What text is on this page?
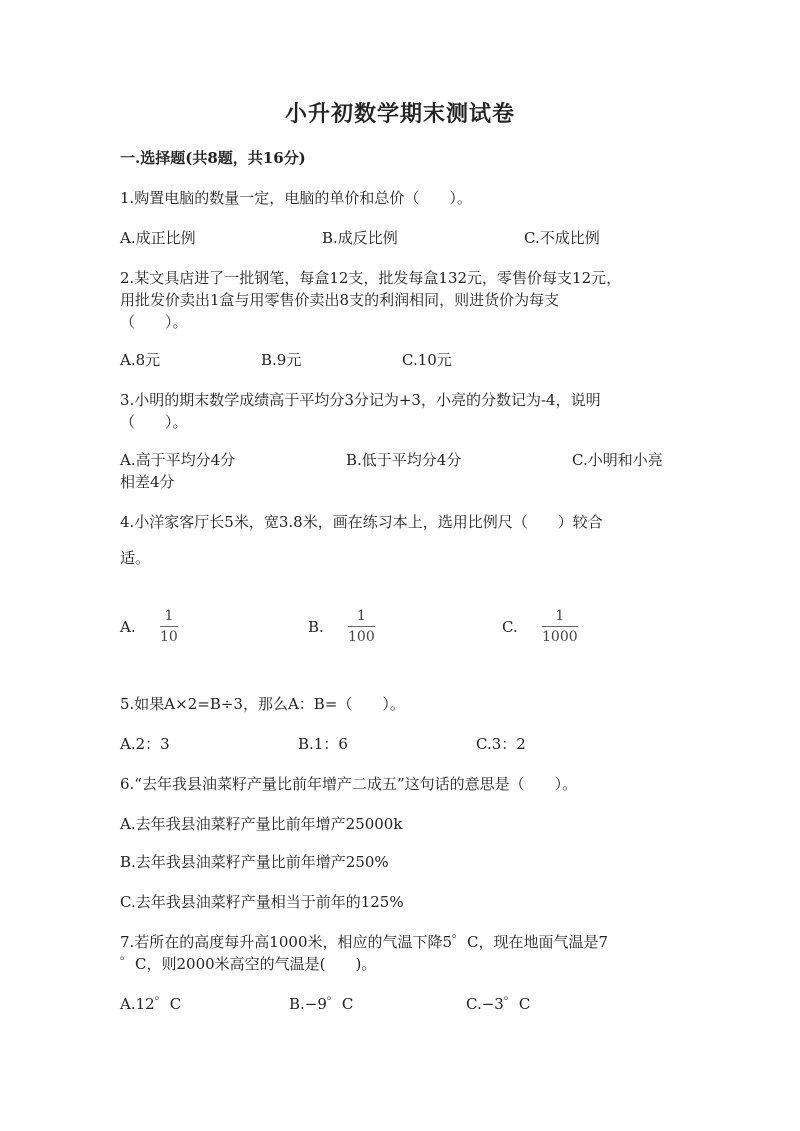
小升初数学期末测试卷
一.选择题(共8题，共16分)
1.购置电脑的数量一定，电脑的单价和总价（　　）。
A.成正比例	B.成反比例	C.不成比例
2.某文具店进了一批钢笔，每盒12支，批发每盒132元，零售价每支12元，
用批发价卖出1盒与用零售价卖出8支的利润相同，则进货价为每支
（　　）。
A.8元	B.9元	C.10元
3.小明的期末数学成绩高于平均分3分记为+3，小亮的分数记为-4，说明
（　　）。
A.高于平均分4分	B.低于平均分4分	C.小明和小亮
相差4分
4.小洋家客厅长5米，宽3.8米，画在练习本上，选用比例尺（　　）较合
适。
A.
1
10
B.
1
100
C.
1
1000
5.如果A×2=B÷3，那么A：B=（　　）。
A.2：3	B.1：6	C.3：2
6.“去年我县油菜籽产量比前年增产二成五”这句话的意思是（　　）。
A.去年我县油菜籽产量比前年增产25000k
B.去年我县油菜籽产量比前年增产250%
C.去年我县油菜籽产量相当于前年的125%
7.若所在的高度每升高1000米，相应的气温下降5゜C，现在地面气温是7
゜C，则2000米高空的气温是(　　)。
A.12゜C	B.−9゜C	C.−3゜C
